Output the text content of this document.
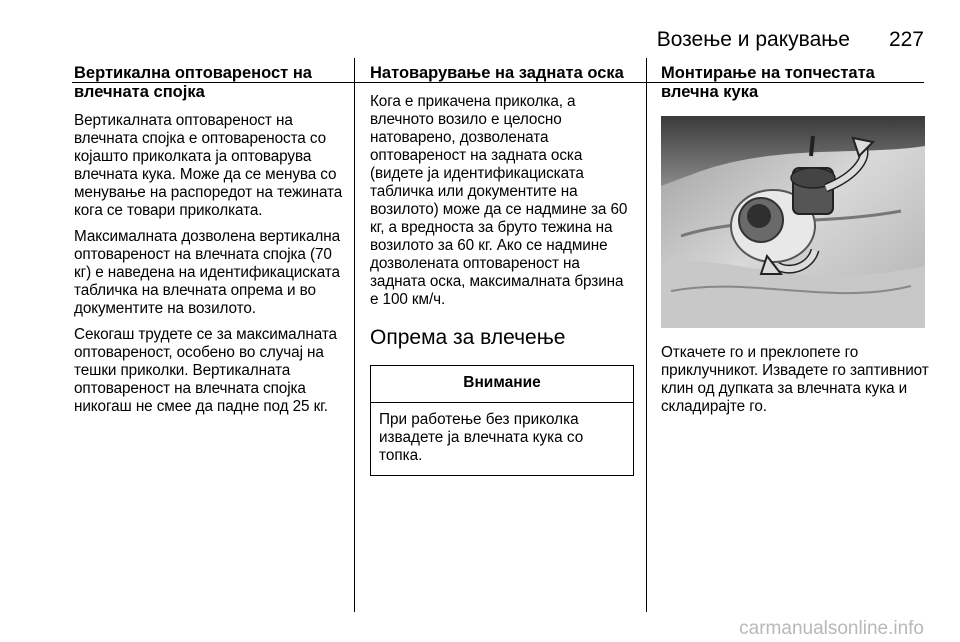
Возење и ракување 227
Вертикална оптовареност на влечната спојка

Вертикалната оптовареност на влечната спојка е оптовареноста со којашто приколката ја оптоварува влечната кука. Може да се менува со менување на распоредот на тежината кога се товари приколката.

Максималната дозволена вертикална оптовареност на влечната спојка (70 кг) е наведена на идентификациската табличка на влечната опрема и во документите на возилото.

Секогаш трудете се за максималната оптовареност, особено во случај на тешки приколки. Вертикалната оптовареност на влечната спојка никогаш не смее да падне под 25 кг.

Натоварување на задната оска

Кога е прикачена приколка, а влечното возило е целосно натоварено, дозволената оптовареност на задната оска (видете ја идентификациската табличка или документите на возилото) може да се надмине за 60 кг, а вредноста за бруто тежина на возилото за 60 кг. Ако се надмине дозволената оптовареност на задната оска, максималната брзина е 100 км/ч.

Опрема за влечење
Внимание
При работење без приколка извадете ја влечната кука со топка.
Монтирање на топчестата влечна кука

Откачете го и преклопете го приклучникот. Извадете го заптивниот клин од дупката за влечната кука и складирајте го.

carmanualsonline.info
